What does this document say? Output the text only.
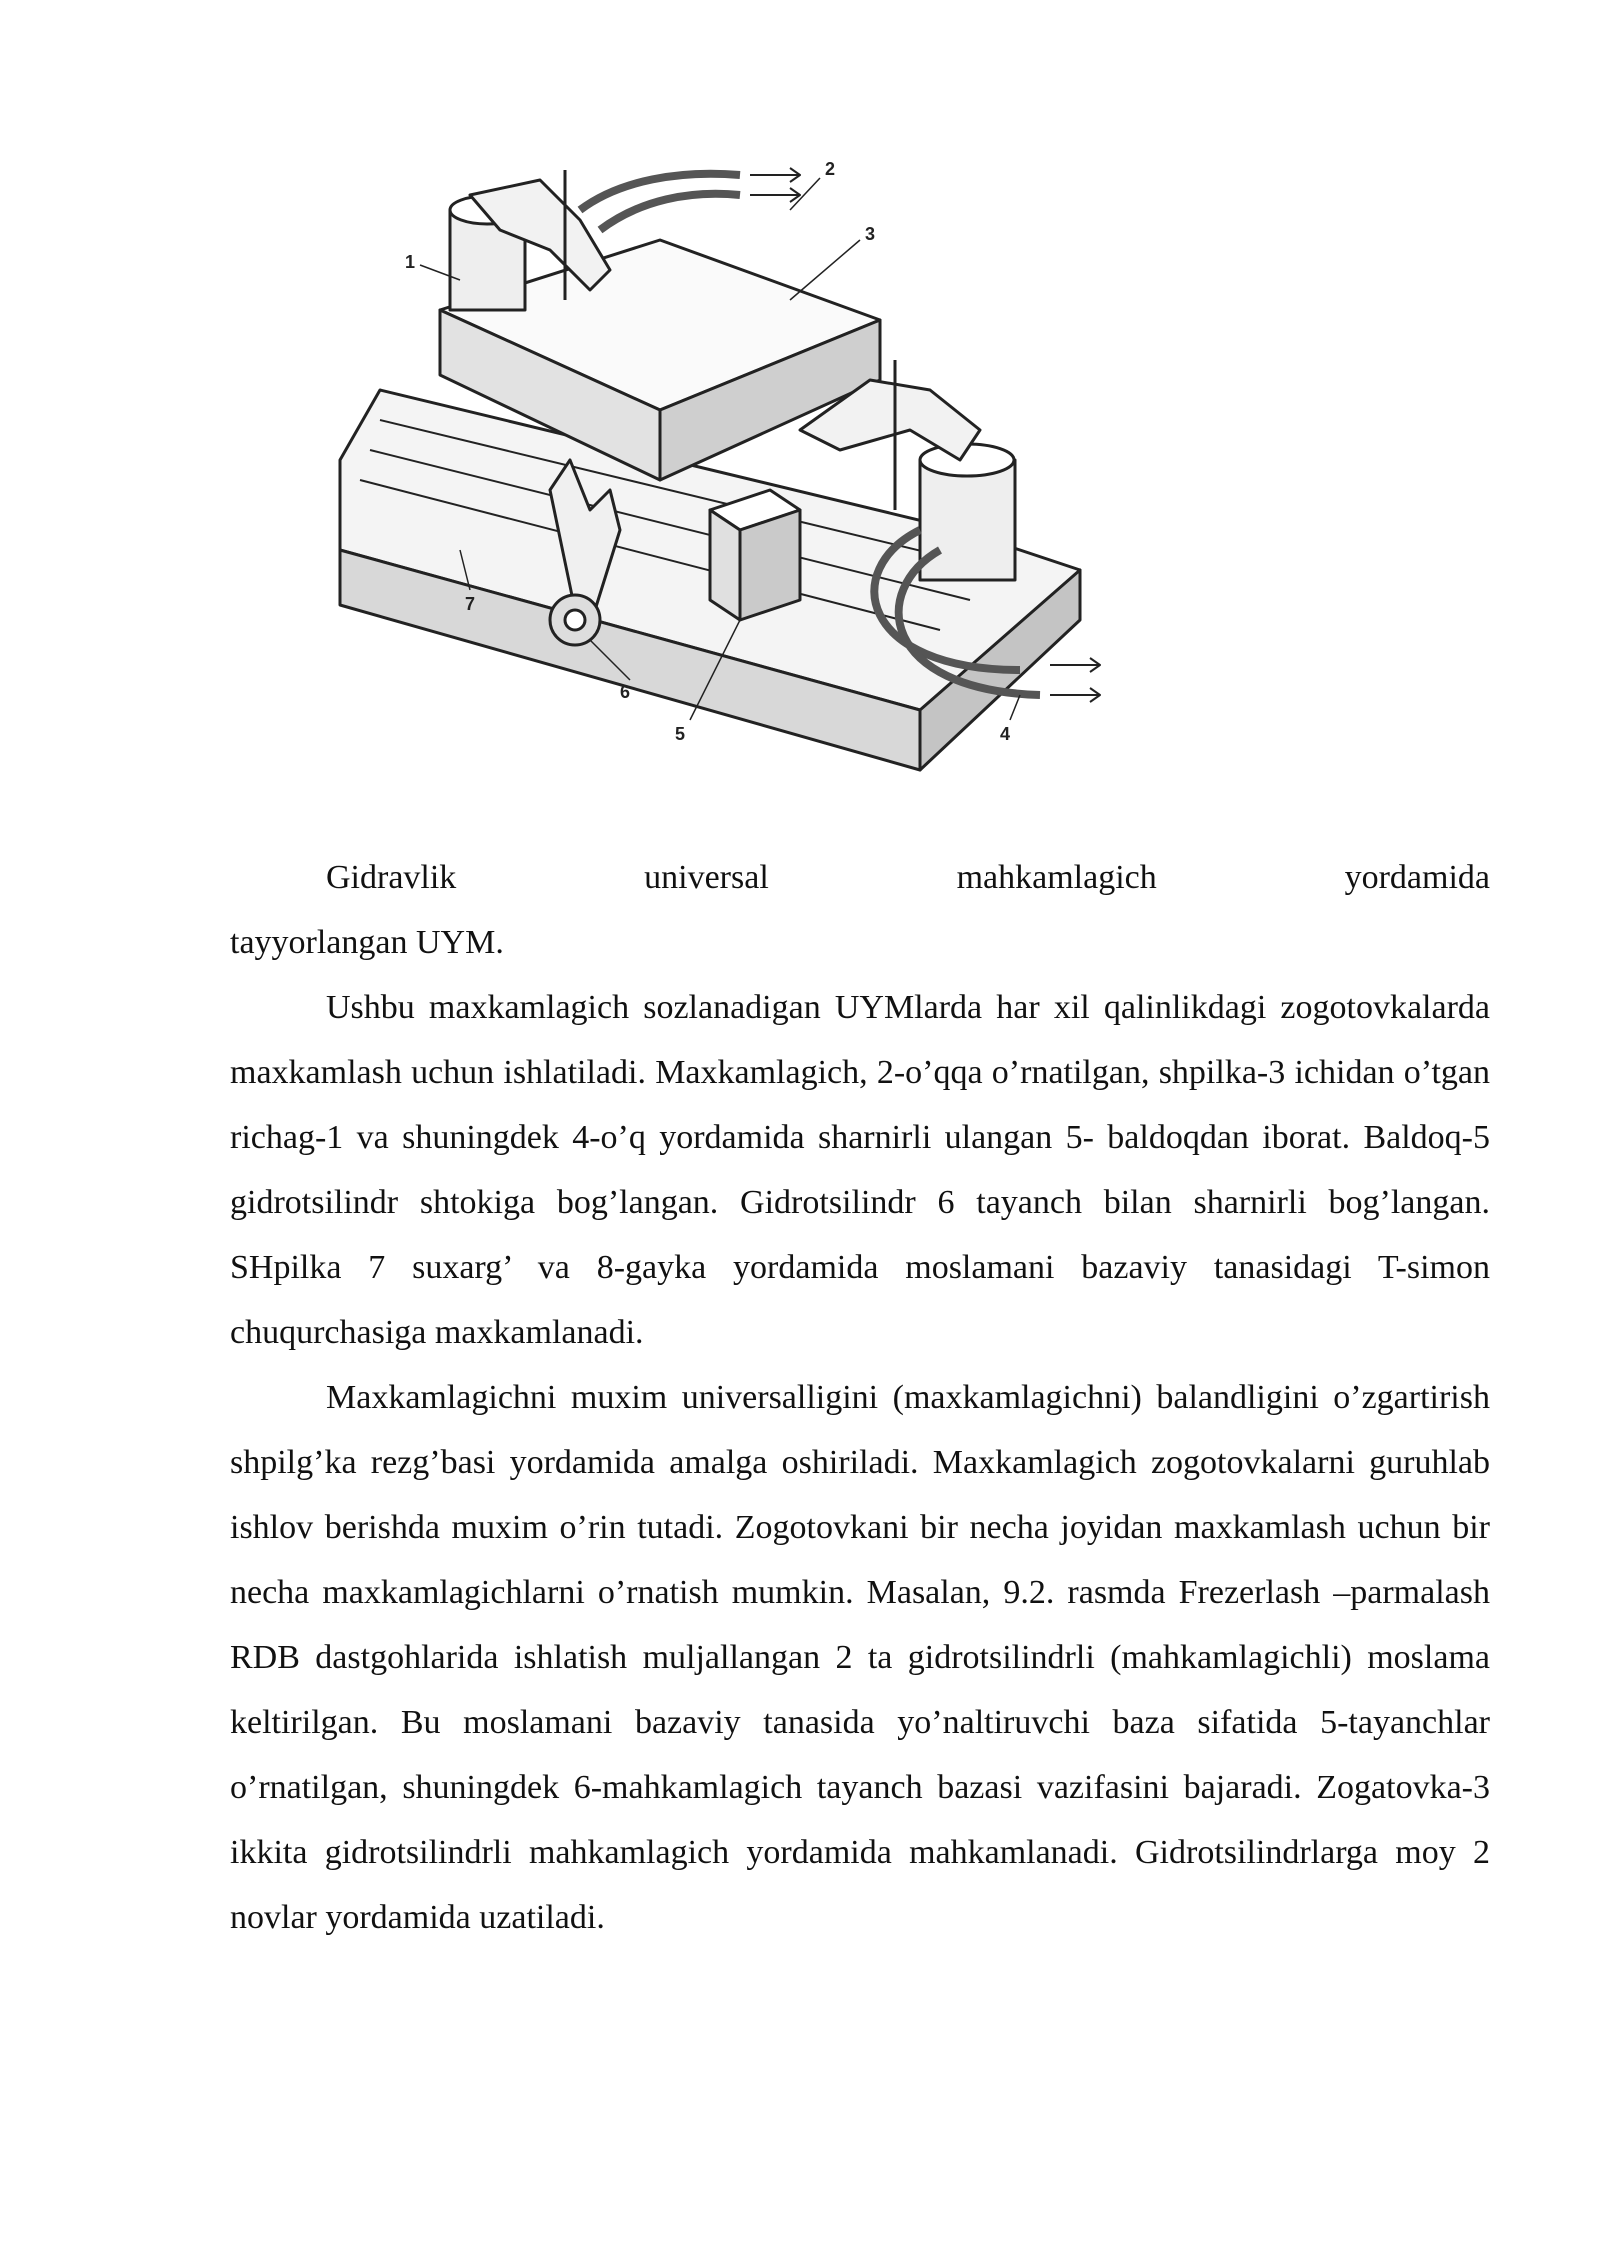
1
2
3
4
5
6
7
Gidravlik	universal	mahkamlagich	yordamida
tayyorlangan UYM.

Ushbu maxkamlagich sozlanadigan UYMlarda har xil qalinlikdagi zogotovkalarda maxkamlash uchun ishlatiladi. Maxkamlagich, 2-o’qqa o’rnatilgan, shpilka-3 ichidan o’tgan richag-1 va shuningdek 4-o’q yordamida sharnirli ulangan 5- baldoqdan iborat. Baldoq-5 gidrotsilindr shtokiga bog’langan. Gidrotsilindr 6 tayanch bilan sharnirli bog’langan. SHpilka 7 suxarg’ va 8-gayka yordamida moslamani bazaviy tanasidagi T-simon chuqurchasiga maxkamlanadi.

Maxkamlagichni muxim universalligini (maxkamlagichni) balandligini o’zgartirish shpilg’ka rezg’basi yordamida amalga oshiriladi. Maxkamlagich zogotovkalarni guruhlab ishlov berishda muxim o’rin tutadi. Zogotovkani bir necha joyidan maxkamlash uchun bir necha maxkamlagichlarni o’rnatish mumkin. Masalan, 9.2. rasmda Frezerlash –parmalash RDB dastgohlarida ishlatish muljallangan 2 ta gidrotsilindrli (mahkamlagichli) moslama keltirilgan. Bu moslamani bazaviy tanasida yo’naltiruvchi baza sifatida 5-tayanchlar o’rnatilgan, shuningdek 6-mahkamlagich tayanch bazasi vazifasini bajaradi. Zogatovka-3 ikkita gidrotsilindrli mahkamlagich yordamida mahkamlanadi. Gidrotsilindrlarga moy 2 novlar yordamida uzatiladi.
